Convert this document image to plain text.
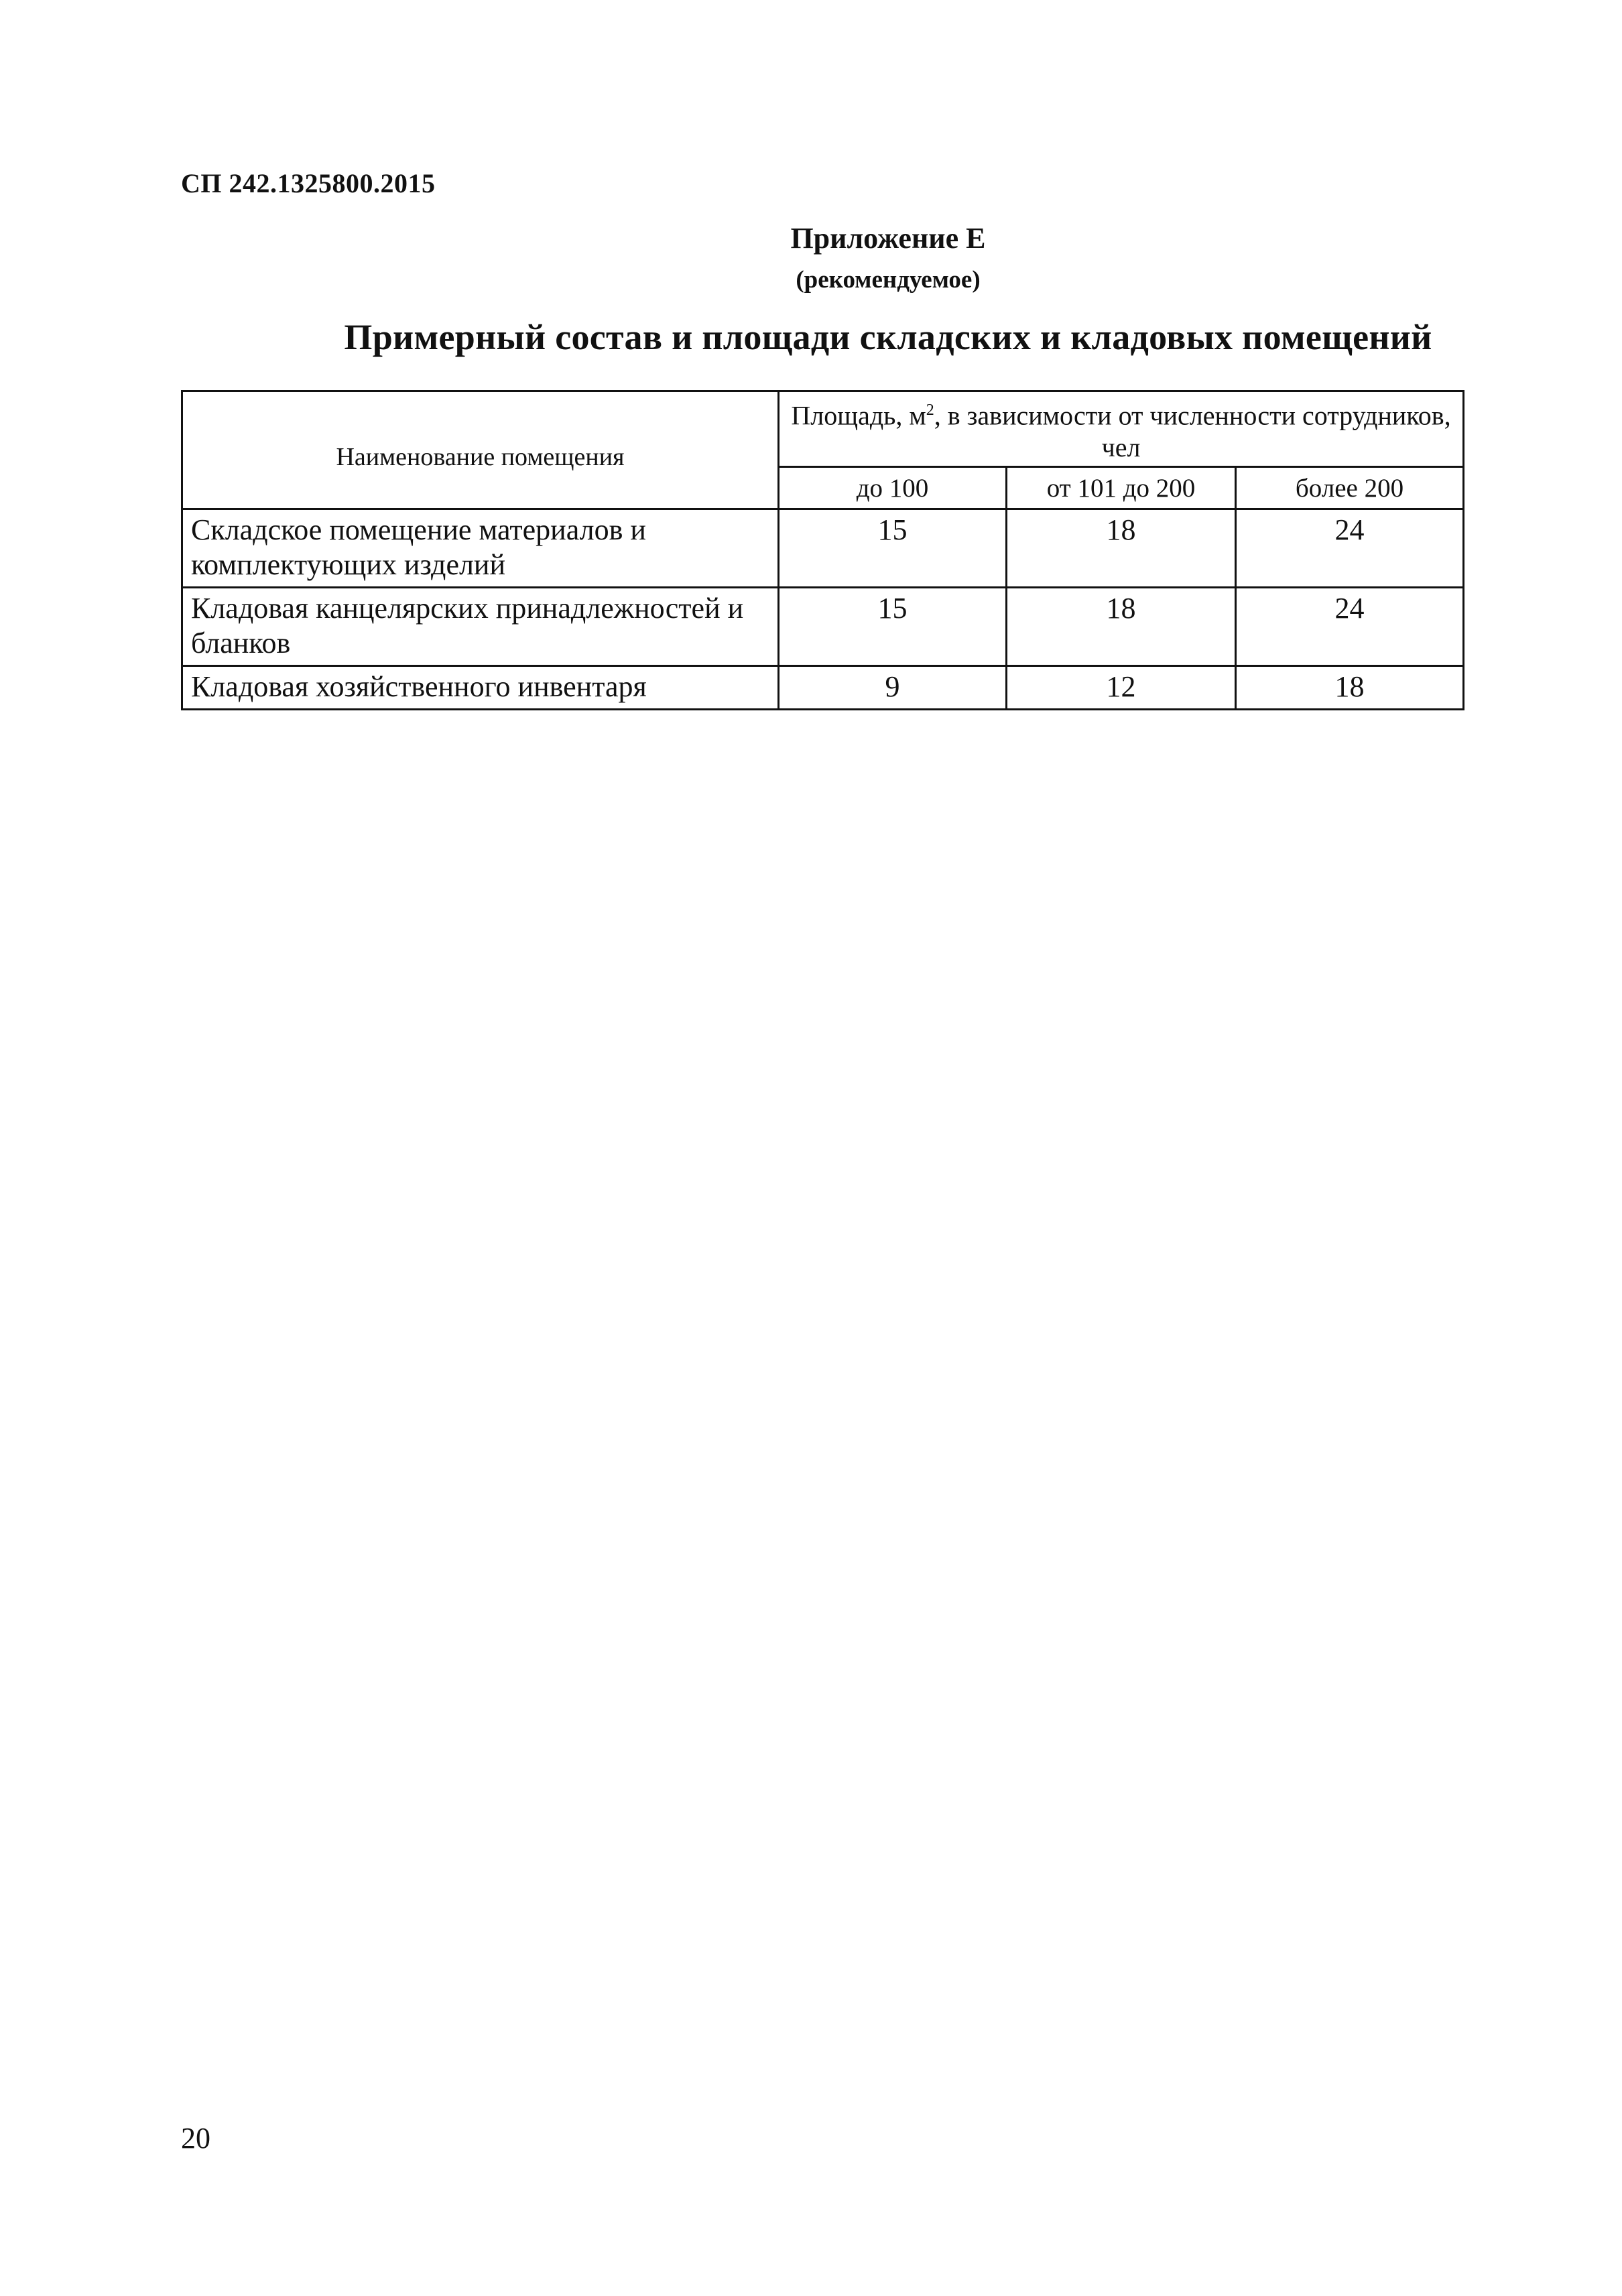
СП 242.1325800.2015
Приложение Е
(рекомендуемое)
Примерный состав и площади складских и кладовых помещений
Наименование помещения	Площадь, $м^2$, в зависимости от численности сотрудников, чел		
	до 100	от 101 до 200	более 200
Складское помещение материалов и комплектующих изделий	15	18	24
Кладовая канцелярских принадлежностей и бланков	15	18	24
Кладовая хозяйственного инвентаря	9	12	18
20
